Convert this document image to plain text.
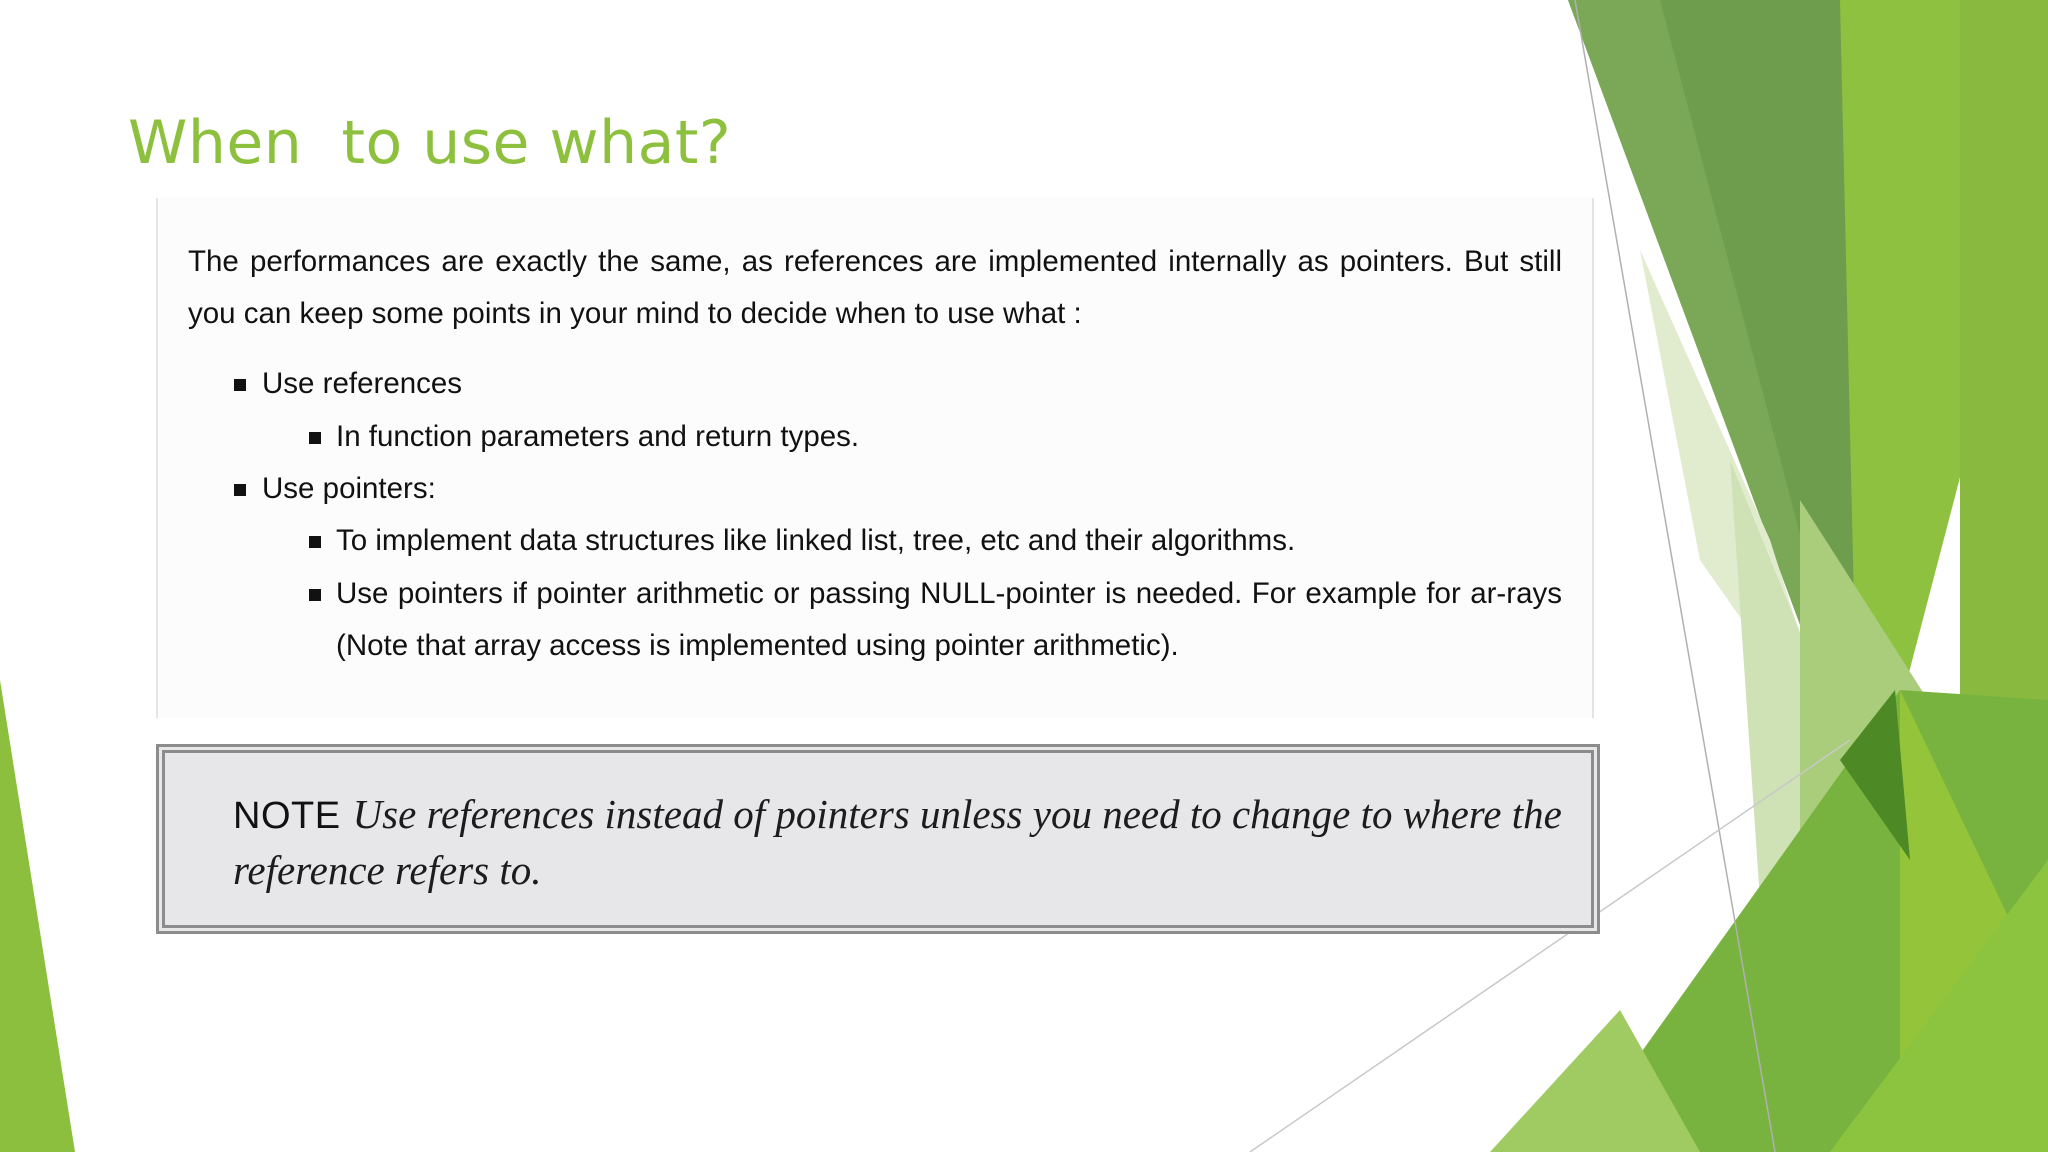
When  to use what?

The performances are exactly the same, as references are implemented internally as pointers. But still you can keep some points in your mind to decide when to use what :

Use references
In function parameters and return types.
Use pointers:
To implement data structures like linked list, tree, etc and their algorithms.
Use pointers if pointer arithmetic or passing NULL-pointer is needed. For example for ar-rays (Note that array access is implemented using pointer arithmetic).

NOTE Use references instead of pointers unless you need to change to where the reference refers to.
